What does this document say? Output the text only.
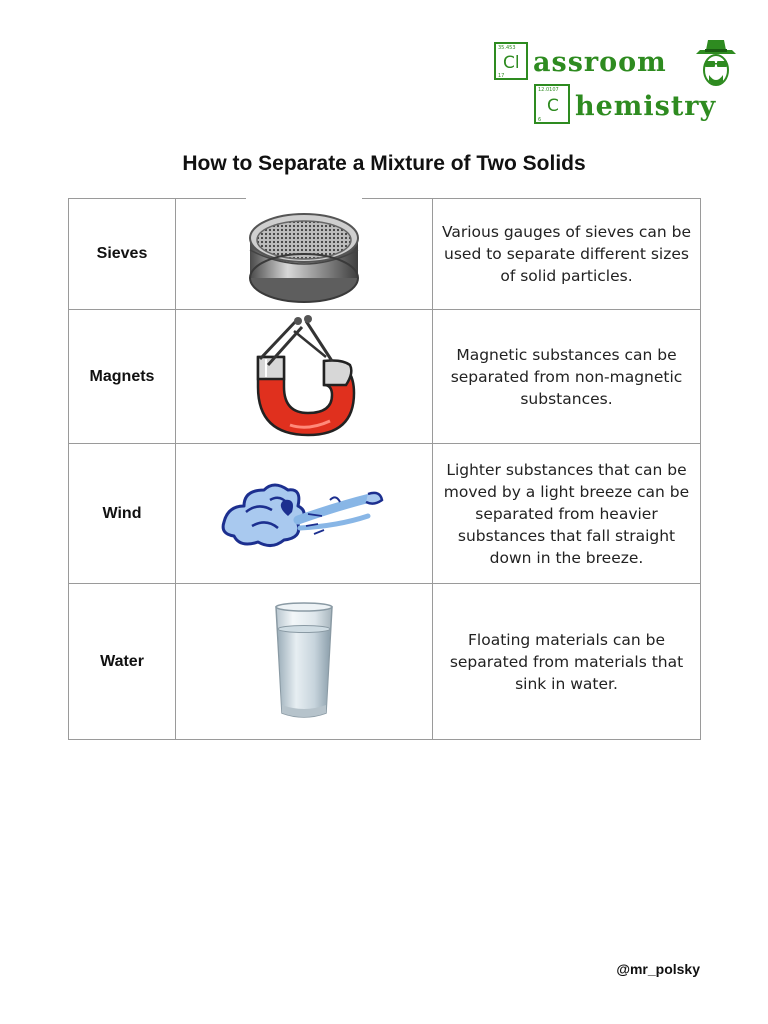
35.453
Cl
17 assroom
12.0107
C
6 hemistry
How to Separate a Mixture of Two Solids
Sieves		Various gauges of sieves can be used to separate different sizes of solid particles.
Magnets		Magnetic substances can be separated from non-magnetic substances.
Wind		Lighter substances that can be moved by a light breeze can be separated from heavier substances that fall straight down in the breeze.
Water		Floating materials can be separated from materials that sink in water.
@mr_polsky
